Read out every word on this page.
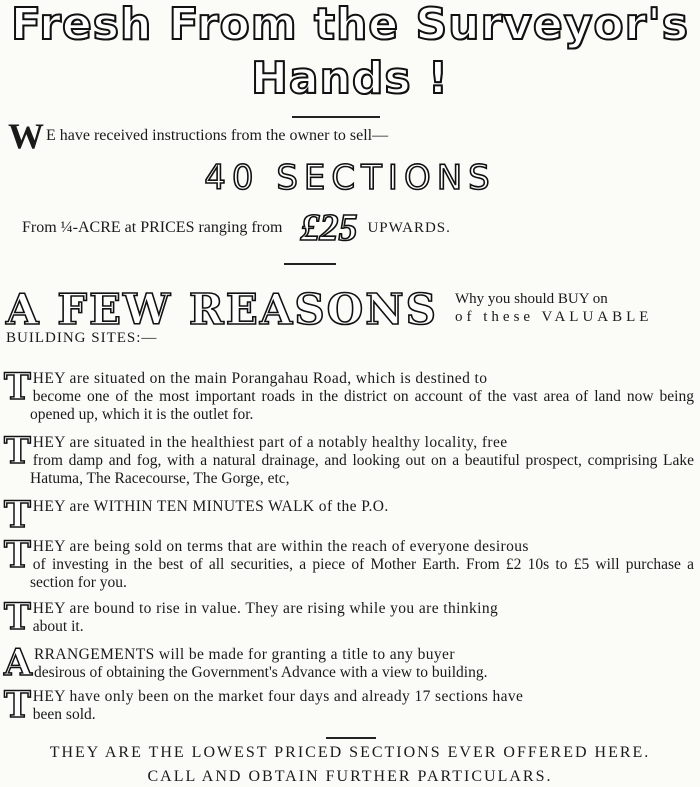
Fresh From the Surveyor's
Hands !
W E have received instructions from the owner to sell—
40 SECTIONS
From ¼-ACRE at PRICES ranging from £25 UPWARDS.
A FEW REASONS Why you should BUY on
of these VALUABLE
BUILDING SITES:—
T HEY are situated on the main Porangahau Road, which is destined to
become one of the most important roads in the district on account of the vast area of land now being opened up, which it is the outlet for.
T HEY are situated in the healthiest part of a notably healthy locality, free
from damp and fog, with a natural drainage, and looking out on a beautiful prospect, comprising Lake Hatuma, The Racecourse, The Gorge, etc,
T HEY are WITHIN TEN MINUTES WALK of the P.O.
T HEY are being sold on terms that are within the reach of everyone desirous
of investing in the best of all securities, a piece of Mother Earth. From £2 10s to £5 will purchase a section for you.
T HEY are bound to rise in value. They are rising while you are thinking
about it.
A RRANGEMENTS will be made for granting a title to any buyer
desirous of obtaining the Government's Advance with a view to building.
T HEY have only been on the market four days and already 17 sections have
been sold.
THEY ARE THE LOWEST PRICED SECTIONS EVER OFFERED HERE.
CALL AND OBTAIN FURTHER PARTICULARS.
